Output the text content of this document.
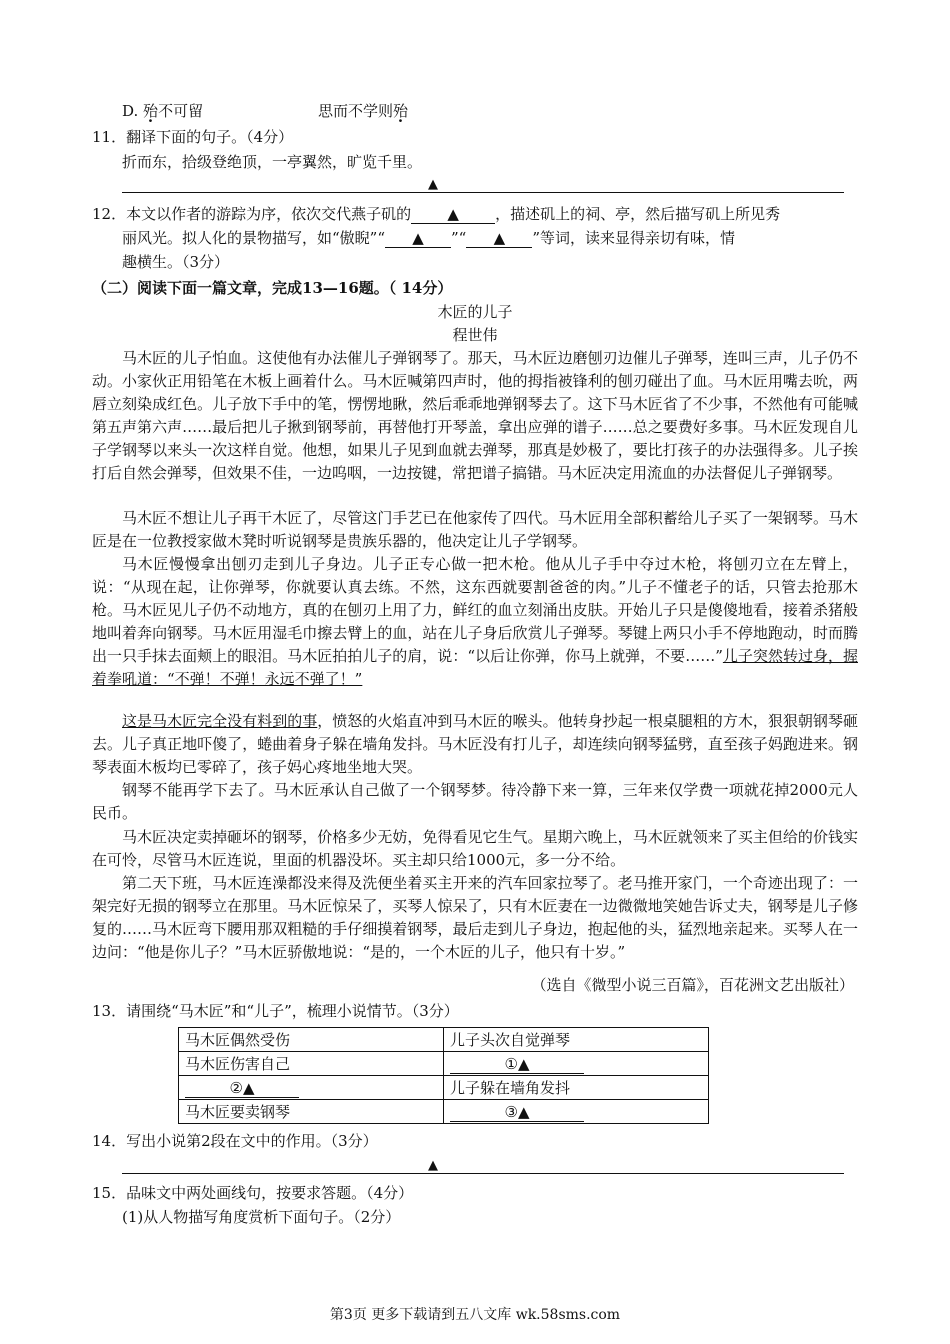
D. 殆不可留	思而不学则殆
11．翻译下面的句子。（4分）
折而东，拾级登绝顶，一亭翼然，旷览千里。
▲
12．本文以作者的游踪为序，依次交代燕子矶的 ▲ ，描述矶上的祠、亭，然后描写矶上所见秀
丽风光。拟人化的景物描写，如“傲睨”“ ▲ ”“ ▲ ”等词，读来显得亲切有味，情
趣横生。（3分）
（二）阅读下面一篇文章，完成13—16题。（ 14分）
木匠的儿子
程世伟
马木匠的儿子怕血。这使他有办法催儿子弹钢琴了。那天，马木匠边磨刨刃边催儿子弹琴，连叫三声，儿子仍不动。小家伙正用铅笔在木板上画着什么。马木匠喊第四声时，他的拇指被锋利的刨刃碰出了血。马木匠用嘴去吮，两唇立刻染成红色。儿子放下手中的笔，愣愣地瞅，然后乖乖地弹钢琴去了。这下马木匠省了不少事，不然他有可能喊第五声第六声……最后把儿子揪到钢琴前，再替他打开琴盖，拿出应弹的谱子……总之要费好多事。马木匠发现自儿子学钢琴以来头一次这样自觉。他想，如果儿子见到血就去弹琴，那真是妙极了，要比打孩子的办法强得多。儿子挨打后自然会弹琴，但效果不佳，一边呜咽，一边按键，常把谱子搞错。马木匠决定用流血的办法督促儿子弹钢琴。
马木匠不想让儿子再干木匠了，尽管这门手艺已在他家传了四代。马木匠用全部积蓄给儿子买了一架钢琴。马木匠是在一位教授家做木凳时听说钢琴是贵族乐器的，他决定让儿子学钢琴。
马木匠慢慢拿出刨刃走到儿子身边。儿子正专心做一把木枪。他从儿子手中夺过木枪，将刨刃立在左臂上，说：“从现在起，让你弹琴，你就要认真去练。不然，这东西就要割爸爸的肉。”儿子不懂老子的话，只管去抢那木枪。马木匠见儿子仍不动地方，真的在刨刃上用了力，鲜红的血立刻涌出皮肤。开始儿子只是傻傻地看，接着杀猪般地叫着奔向钢琴。马木匠用湿毛巾擦去臂上的血，站在儿子身后欣赏儿子弹琴。琴键上两只小手不停地跑动，时而腾出一只手抹去面颊上的眼泪。马木匠拍拍儿子的肩，说：“以后让你弹，你马上就弹，不要……”儿子突然转过身，握着拳吼道：“不弹！不弹！永远不弹了！”
这是马木匠完全没有料到的事，愤怒的火焰直冲到马木匠的喉头。他转身抄起一根桌腿粗的方木，狠狠朝钢琴砸去。儿子真正地吓傻了，蜷曲着身子躲在墙角发抖。马木匠没有打儿子，却连续向钢琴猛劈，直至孩子妈跑进来。钢琴表面木板均已零碎了，孩子妈心疼地坐地大哭。
钢琴不能再学下去了。马木匠承认自己做了一个钢琴梦。待冷静下来一算，三年来仅学费一项就花掉2000元人民币。
马木匠决定卖掉砸坏的钢琴，价格多少无妨，免得看见它生气。星期六晚上，马木匠就领来了买主但给的价钱实在可怜，尽管马木匠连说，里面的机器没坏。买主却只给1000元，多一分不给。
第二天下班，马木匠连澡都没来得及洗便坐着买主开来的汽车回家拉琴了。老马推开家门，一个奇迹出现了：一架完好无损的钢琴立在那里。马木匠惊呆了，买琴人惊呆了，只有木匠妻在一边微微地笑她告诉丈夫，钢琴是儿子修复的……马木匠弯下腰用那双粗糙的手仔细摸着钢琴，最后走到儿子身边，抱起他的头，猛烈地亲起来。买琴人在一边问：“他是你儿子？”马木匠骄傲地说：“是的，一个木匠的儿子，他只有十岁。”
（选自《微型小说三百篇》，百花洲文艺出版社）
13．请围绕“马木匠”和“儿子”，梳理小说情节。（3分）
马木匠偶然受伤	儿子头次自觉弹琴
马木匠伤害自己	①▲
②▲	儿子躲在墙角发抖
马木匠要卖钢琴	③▲
14．写出小说第2段在文中的作用。（3分）
▲
15．品味文中两处画线句，按要求答题。（4分）
(1)从人物描写角度赏析下面句子。（2分）
第3页 更多下载请到五八文库 wk.58sms.com
